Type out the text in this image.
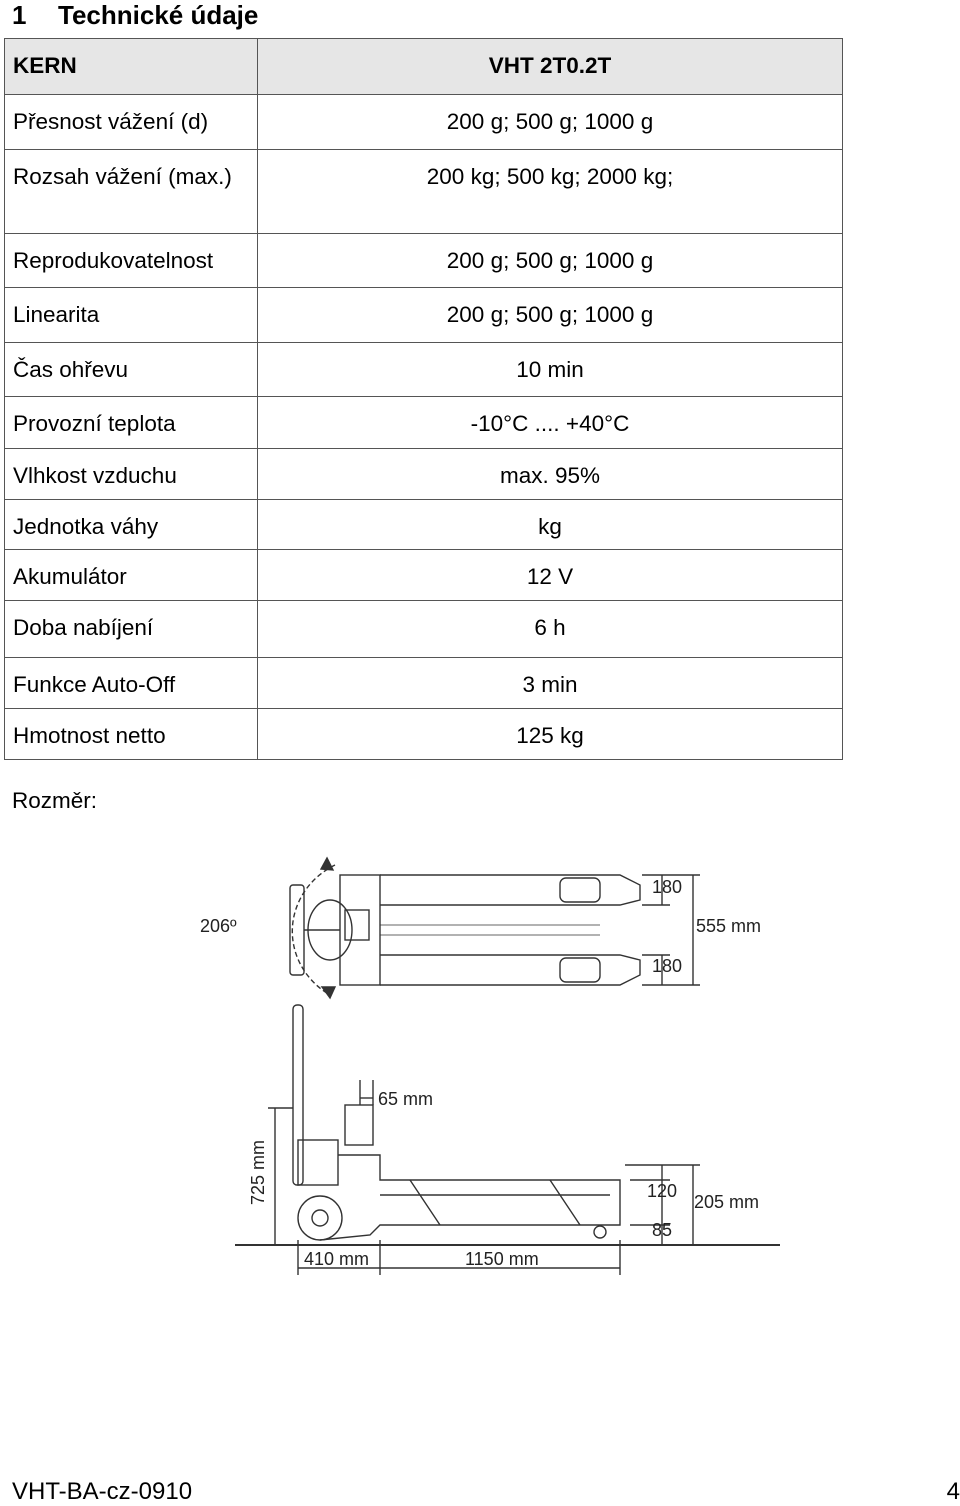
1 Technické údaje
KERN	VHT 2T0.2T
Přesnost vážení (d)	200 g; 500 g; 1000 g
Rozsah vážení (max.)	200 kg; 500 kg; 2000 kg;
Reprodukovatelnost	200 g; 500 g; 1000 g
Linearita	200 g; 500 g; 1000 g
Čas ohřevu	10 min
Provozní teplota	-10°C .... +40°C
Vlhkost vzduchu	max. 95%
Jednotka váhy	kg
Akumulátor	12 V
Doba nabíjení	6 h
Funkce Auto-Off	3 min
Hmotnost netto	125 kg
Rozměr:
206º
180
180
555 mm
65 mm
725 mm	120
85
205 mm
410 mm	1150 mm
VHT-BA-cz-0910	4
